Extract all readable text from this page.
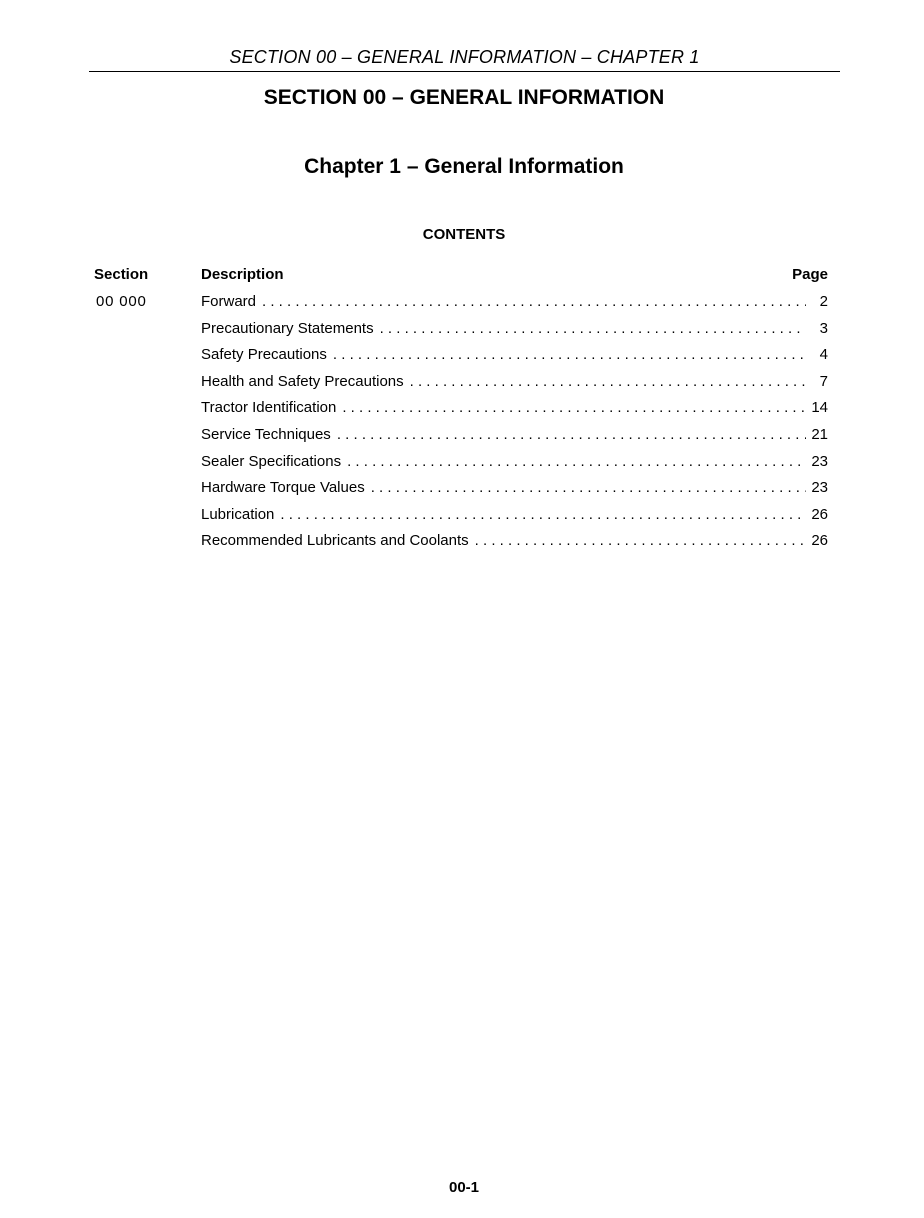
SECTION 00 – GENERAL INFORMATION – CHAPTER 1
SECTION 00 – GENERAL INFORMATION
Chapter 1 – General Information
CONTENTS
Section	Description	Page
00 000	Forward . . .	2
Precautionary Statements . . .	3
Safety Precautions . . .	4
Health and Safety Precautions . . .	7
Tractor Identification . . .	14
Service Techniques . . .	21
Sealer Specifications . . .	23
Hardware Torque Values . . .	23
Lubrication . . .	26
Recommended Lubricants and Coolants . . .	26
00-1
